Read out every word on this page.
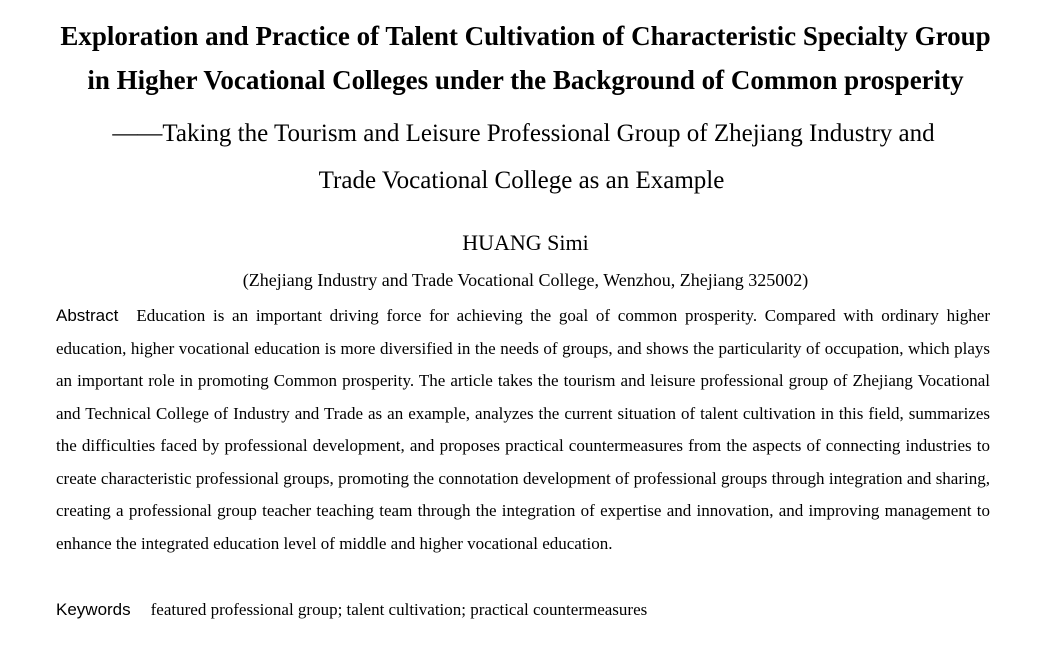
Exploration and Practice of Talent Cultivation of Characteristic Specialty Group
in Higher Vocational Colleges under the Background of Common prosperity
——Taking the Tourism and Leisure Professional Group of Zhejiang Industry and
Trade Vocational College as an Example
HUANG Simi
(Zhejiang Industry and Trade Vocational College, Wenzhou, Zhejiang 325002)

Abstract Education is an important driving force for achieving the goal of common prosperity. Compared with ordinary higher education, higher vocational education is more diversified in the needs of groups, and shows the particularity of occupation, which plays an important role in promoting Common prosperity. The article takes the tourism and leisure professional group of Zhejiang Vocational and Technical College of Industry and Trade as an example, analyzes the current situation of talent cultivation in this field, summarizes the difficulties faced by professional development, and proposes practical countermeasures from the aspects of connecting industries to create characteristic professional groups, promoting the connotation development of professional groups through integration and sharing, creating a professional group teacher teaching team through the integration of expertise and innovation, and improving management to enhance the integrated education level of middle and higher vocational education.

Keywords featured professional group; talent cultivation; practical countermeasures
